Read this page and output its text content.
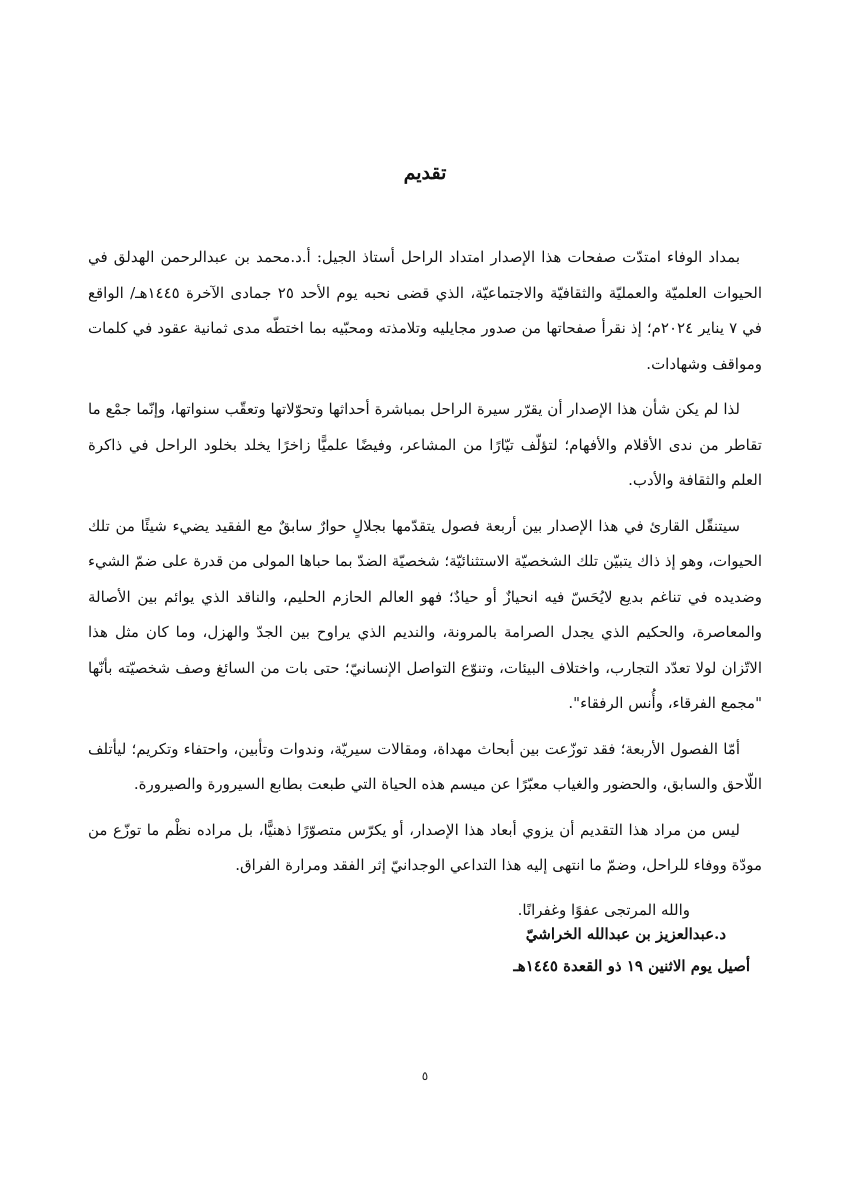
تقديم

بمداد الوفاء امتدّت صفحات هذا الإصدار امتداد الراحل أستاذ الجيل: أ.د.محمد بن عبدالرحمن الهدلق في الحيوات العلميّة والعمليّة والثقافيّة والاجتماعيّة، الذي قضى نحبه يوم الأحد ٢٥ جمادى الآخرة ١٤٤٥هـ/ الواقع في ٧ يناير ٢٠٢٤م؛ إذ نقرأ صفحاتها من صدور مجايليه وتلامذته ومحبّيه بما اختطّه مدى ثمانية عقود في كلمات ومواقف وشهادات.

لذا لم يكن شأن هذا الإصدار أن يقرّر سيرة الراحل بمباشرة أحداثها وتحوّلاتها وتعقّب سنواتها، وإنّما جمْع ما تقاطر من ندى الأقلام والأفهام؛ لتؤلّف تيّارًا من المشاعر، وفيضًا علميًّا زاخرًا يخلد بخلود الراحل في ذاكرة العلم والثقافة والأدب.

سيتنقّل القارئ في هذا الإصدار بين أربعة فصول يتقدّمها بجلالٍ حوارٌ سابقٌ مع الفقيد يضيء شيئًا من تلك الحيوات، وهو إذ ذاك يتبيّن تلك الشخصيّة الاستثنائيّة؛ شخصيّة الضدّ بما حباها المولى من قدرة على ضمّ الشيء وضديده في تناغم بديع لايُحَسّ فيه انحيازٌ أو حيادٌ؛ فهو العالم الحازم الحليم، والناقد الذي يوائم بين الأصالة والمعاصرة، والحكيم الذي يجدل الصرامة بالمرونة، والنديم الذي يراوح بين الجدّ والهزل، وما كان مثل هذا الاتّزان لولا تعدّد التجارب، واختلاف البيئات، وتنوّع التواصل الإنسانيّ؛ حتى بات من السائغ وصف شخصيّته بأنّها "مجمع الفرقاء، وأُنس الرفقاء".

أمّا الفصول الأربعة؛ فقد توزّعت بين أبحاث مهداة، ومقالات سيريّة، وندوات وتأبين، واحتفاء وتكريم؛ ليأتلف اللّاحق والسابق، والحضور والغياب معبّرًا عن ميسم هذه الحياة التي طبعت بطابع السيرورة والصيرورة.

ليس من مراد هذا التقديم أن يزوي أبعاد هذا الإصدار، أو يكرّس متصوّرًا ذهنيًّا، بل مراده نظْم ما توزّع من مودّة ووفاء للراحل، وضمّ ما انتهى إليه هذا التداعي الوجدانيّ إثر الفقد ومرارة الفراق.

والله المرتجى عفوًا وغفرانًا.

د.عبدالعزيز بن عبدالله الخراشيّ
أصيل يوم الاثنين ١٩ ذو القعدة ١٤٤٥هـ
٥
